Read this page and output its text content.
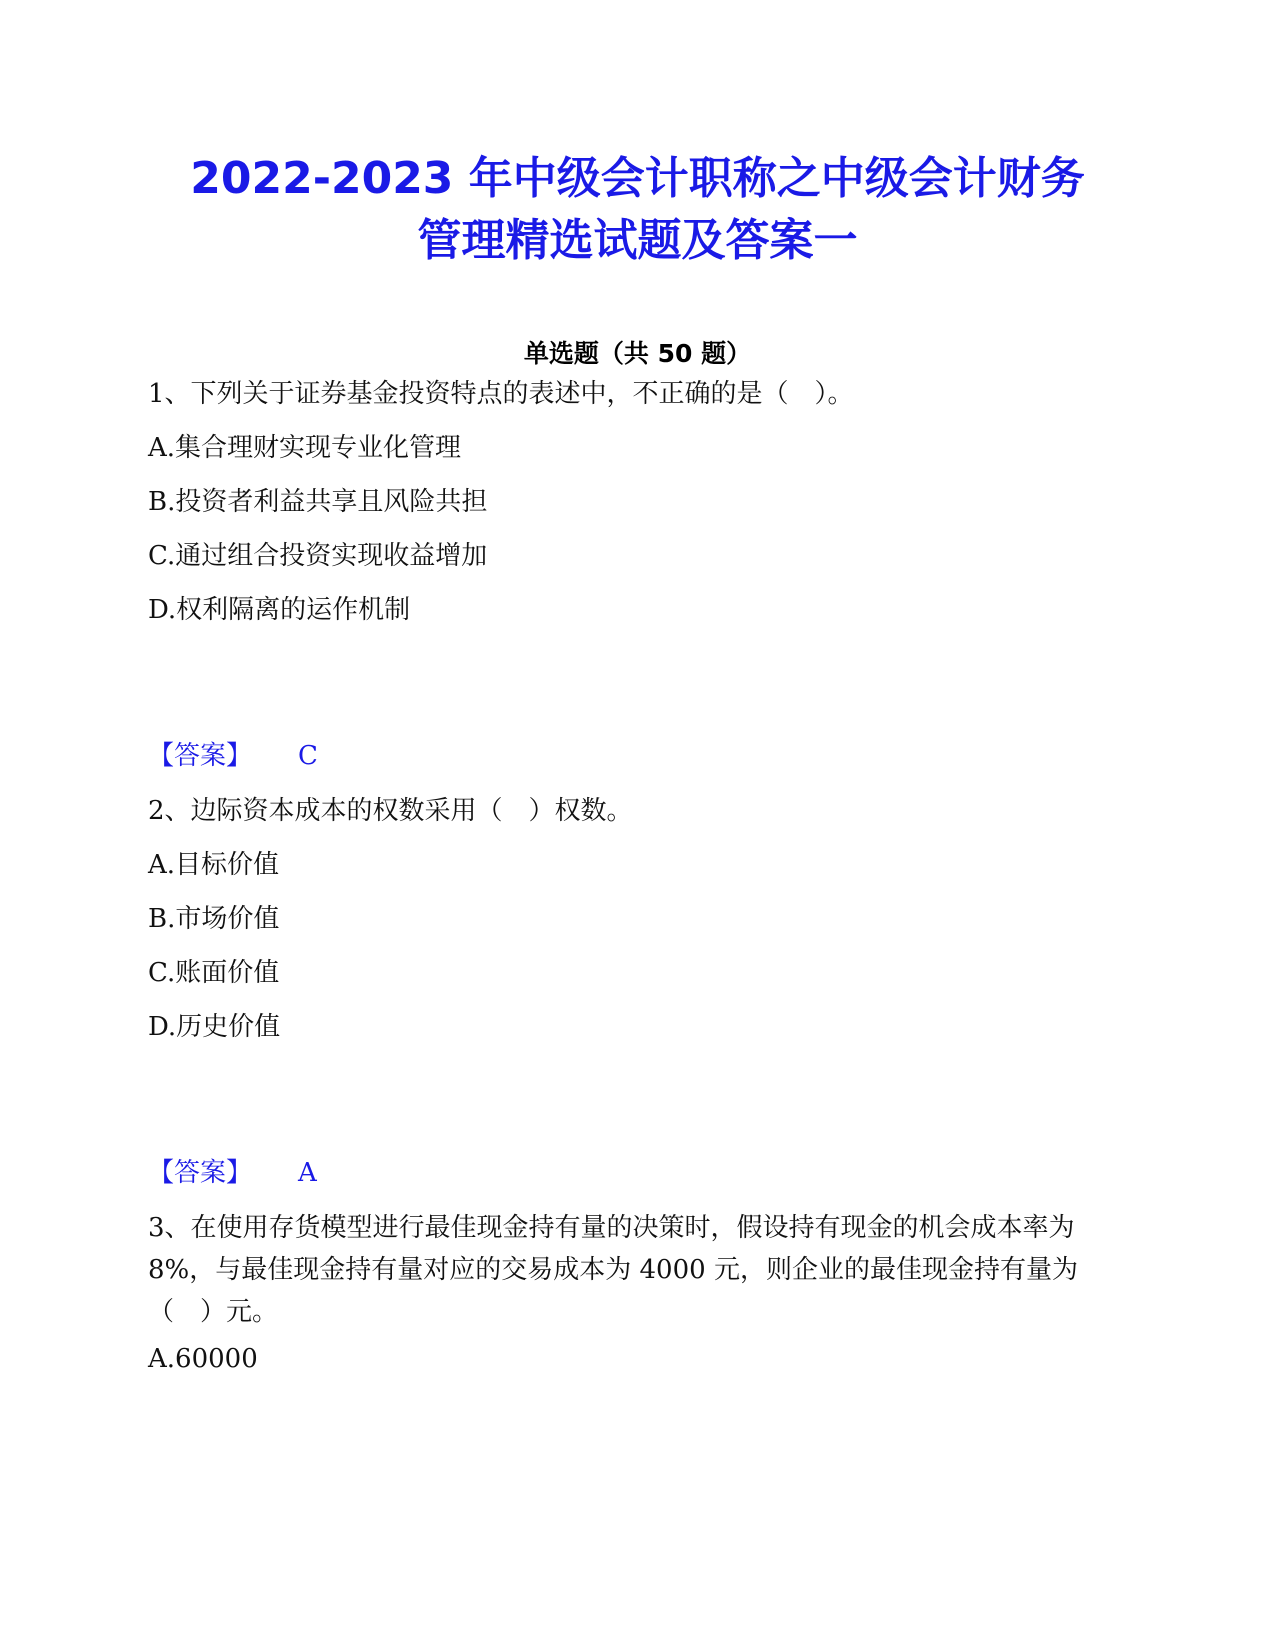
2022-2023 年中级会计职称之中级会计财务
管理精选试题及答案一
单选题（共 50 题）
1、下列关于证券基金投资特点的表述中，不正确的是（　）。
A.集合理财实现专业化管理
B.投资者利益共享且风险共担
C.通过组合投资实现收益增加
D.权利隔离的运作机制
【答案】 C
2、边际资本成本的权数采用（　）权数。
A.目标价值
B.市场价值
C.账面价值
D.历史价值
【答案】 A
3、在使用存货模型进行最佳现金持有量的决策时，假设持有现金的机会成本率为 8%，与最佳现金持有量对应的交易成本为 4000 元，则企业的最佳现金持有量为（　）元。
A.60000
